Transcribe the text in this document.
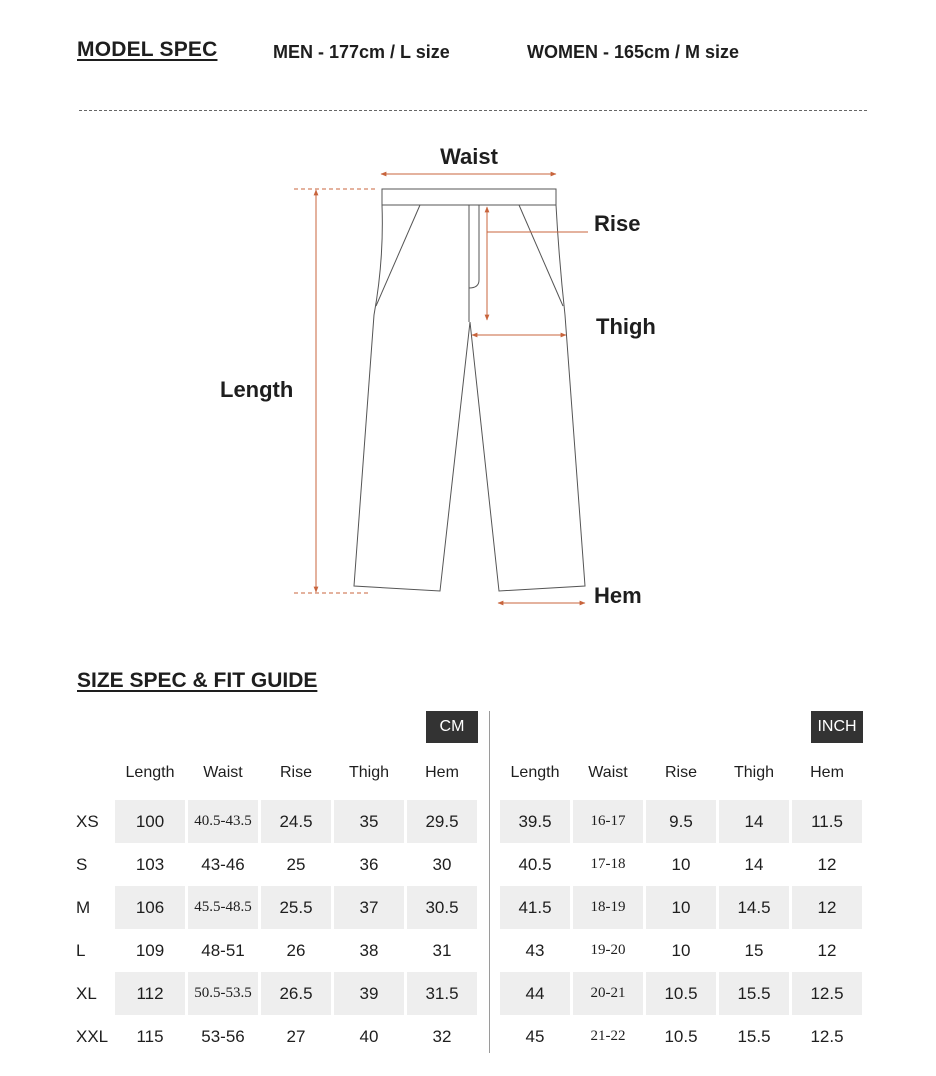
MODEL SPEC	MEN - 177cm / L size	WOMEN - 165cm / M size
Waist
Rise
Thigh
Length
Hem
SIZE SPEC & FIT GUIDE
CM	INCH
Length	Waist	Rise	Thigh	Hem	Length	Waist	Rise	Thigh	Hem
XS	100	40.5-43.5	24.5	35	29.5	39.5	16-17	9.5	14	11.5
S	103	43-46	25	36	30	40.5	17-18	10	14	12
M	106	45.5-48.5	25.5	37	30.5	41.5	18-19	10	14.5	12
L	109	48-51	26	38	31	43	19-20	10	15	12
XL	112	50.5-53.5	26.5	39	31.5	44	20-21	10.5	15.5	12.5
XXL	115	53-56	27	40	32	45	21-22	10.5	15.5	12.5
